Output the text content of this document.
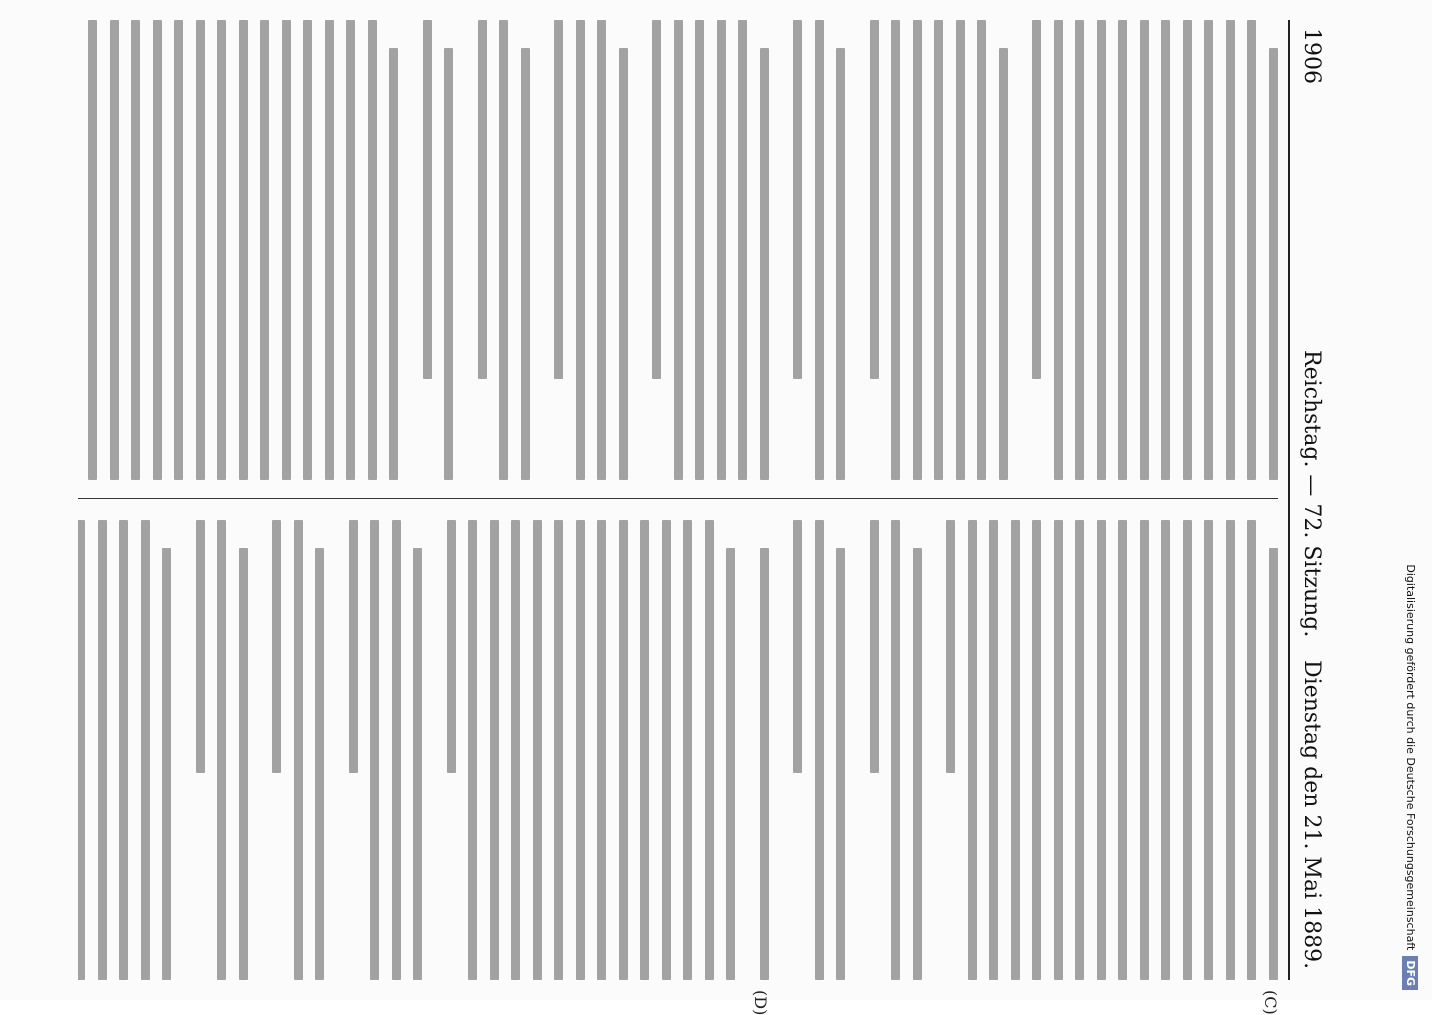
1906
Reichstag. — 72. Sitzung.
Dienstag den 21. Mai 1889.
(C)
(D)
Digitalisierung gefördert durch die Deutsche ForschungsgemeinschaftDFG
